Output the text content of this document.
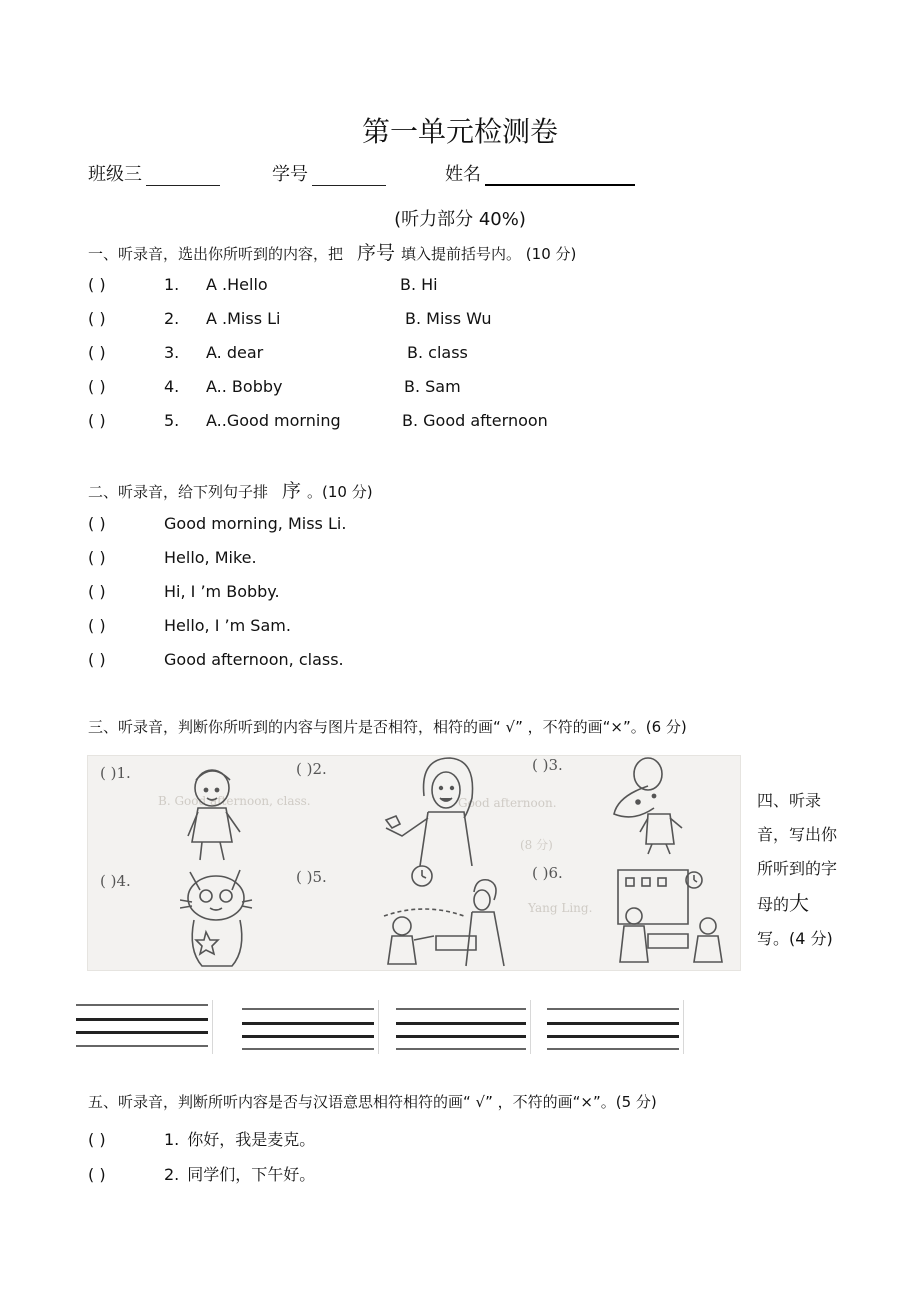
第一单元检测卷
班级三	学号	姓名
(听力部分 40%)
一、听录音，选出你所听到的内容，把 序号 填入提前括号内。 (10 分)
( )	1. A .Hello	B. Hi
( )	2. A .Miss Li	B. Miss Wu
( )	3. A. dear	B. class
( )	4. A.. Bobby	B. Sam
( )	5. A..Good morning	B. Good afternoon
二、听录音，给下列句子排 序 。(10 分)
( )	Good morning, Miss Li.
( )	Hello, Mike.
( )	Hi, I ’m Bobby.
( )	Hello, I ’m Sam.
( )	Good afternoon, class.
三、听录音，判断你所听到的内容与图片是否相符，相符的画“ √” ，不符的画“×”。(6 分)
B. Good afternoon, class.	Good afternoon.
(8 分)
Yang Ling.
( )1.	( )2.	( )3.
( )4.	( )5.	( )6.
四、听录音，写出你所听到的字母的大写。(4 分)
五、听录音，判断所听内容是否与汉语意思相符相符的画“ √” ，不符的画“×”。(5 分)
( )	1. 你好，我是麦克。
( )	2. 同学们，下午好。
